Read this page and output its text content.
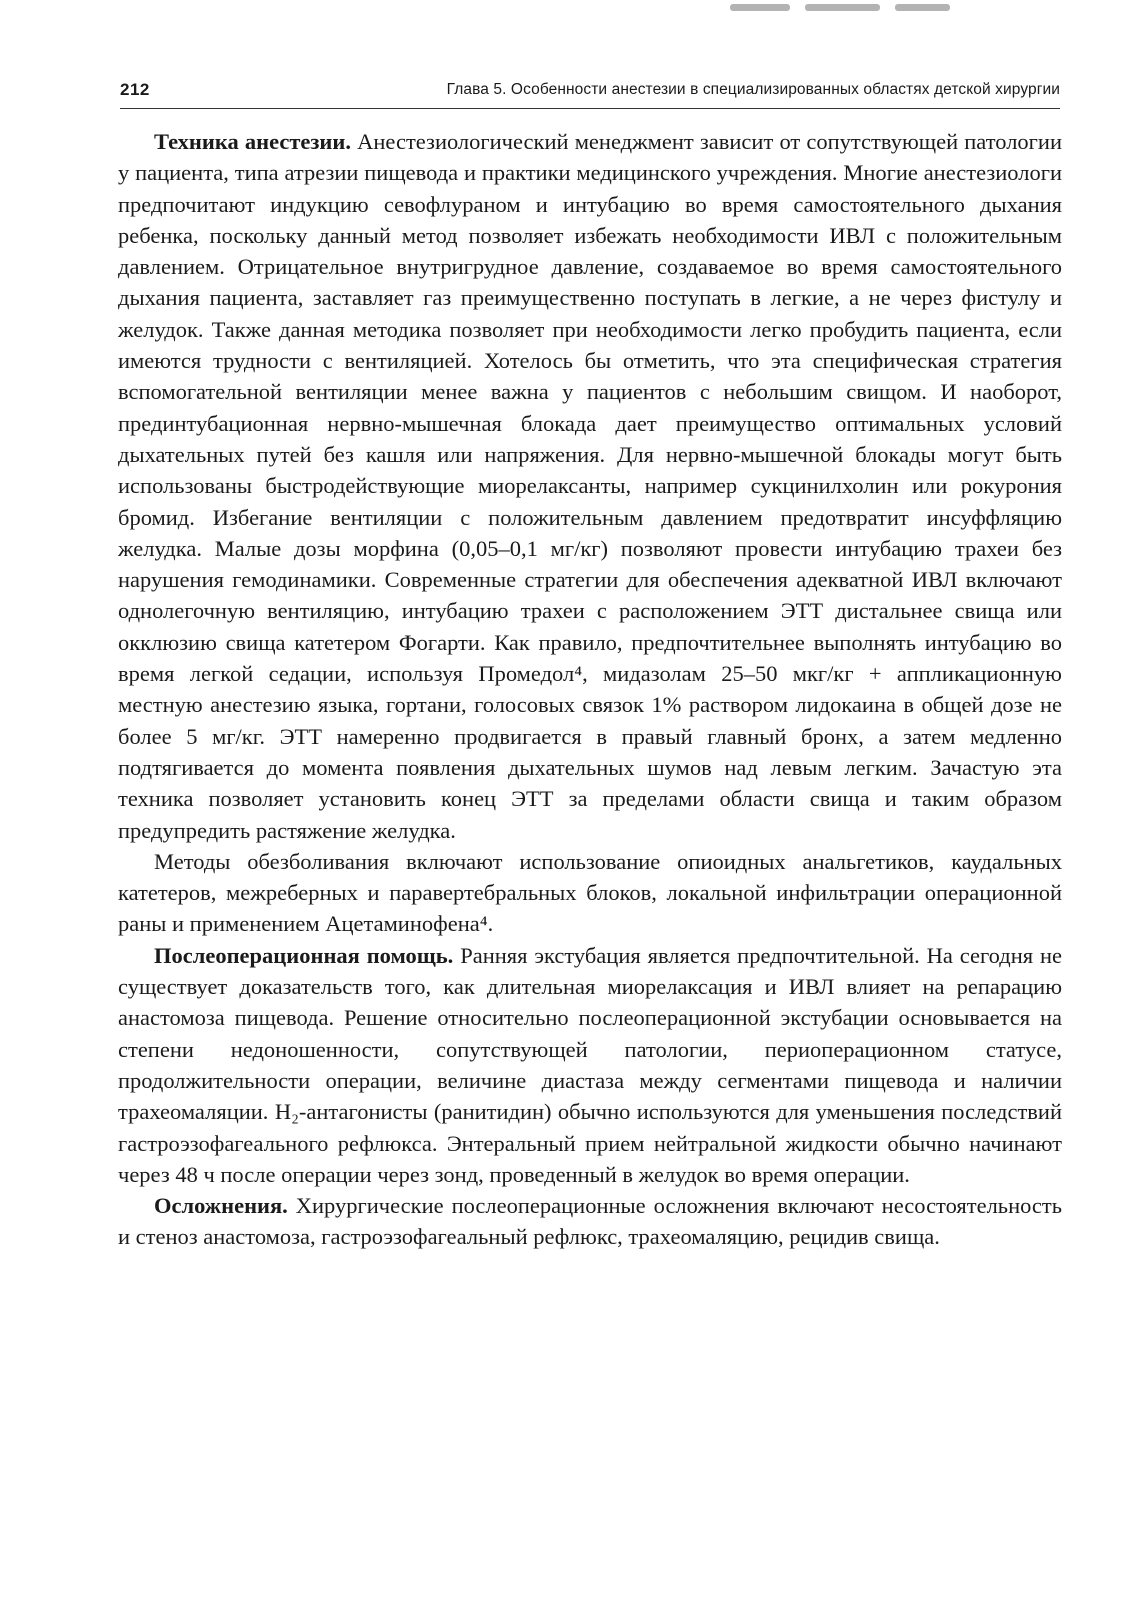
212	Глава 5. Особенности анестезии в специализированных областях детской хирургии

Техника анестезии. Анестезиологический менеджмент зависит от сопутствующей патологии у пациента, типа атрезии пищевода и практики медицинского учреждения. Многие анестезиологи предпочитают индукцию севофлураном и интубацию во время самостоятельного дыхания ребенка, поскольку данный метод позволяет избежать необходимости ИВЛ с положительным давлением. Отрицательное внутригрудное давление, создаваемое во время самостоятельного дыхания пациента, заставляет газ преимущественно поступать в легкие, а не через фистулу и желудок. Также данная методика позволяет при необходимости легко пробудить пациента, если имеются трудности с вентиляцией. Хотелось бы отметить, что эта специфическая стратегия вспомогательной вентиляции менее важна у пациентов с небольшим свищом. И наоборот, прединтубационная нервно-мышечная блокада дает преимущество оптимальных условий дыхательных путей без кашля или напряжения. Для нервно-мышечной блокады могут быть использованы быстродействующие миорелаксанты, например сукцинилхолин или рокурония бромид. Избегание вентиляции с положительным давлением предотвратит инсуффляцию желудка. Малые дозы морфина (0,05–0,1 мг/кг) позволяют провести интубацию трахеи без нарушения гемодинамики. Современные стратегии для обеспечения адекватной ИВЛ включают однолегочную вентиляцию, интубацию трахеи с расположением ЭТТ дистальнее свища или окклюзию свища катетером Фогарти. Как правило, предпочтительнее выполнять интубацию во время легкой седации, используя Промедол⁴, мидазолам 25–50 мкг/кг + аппликационную местную анестезию языка, гортани, голосовых связок 1% раствором лидокаина в общей дозе не более 5 мг/кг. ЭТТ намеренно продвигается в правый главный бронх, а затем медленно подтягивается до момента появления дыхательных шумов над левым легким. Зачастую эта техника позволяет установить конец ЭТТ за пределами области свища и таким образом предупредить растяжение желудка.

Методы обезболивания включают использование опиоидных анальгетиков, каудальных катетеров, межреберных и паравертебральных блоков, локальной инфильтрации операционной раны и применением Ацетаминофена⁴.

Послеоперационная помощь. Ранняя экстубация является предпочтительной. На сегодня не существует доказательств того, как длительная миорелаксация и ИВЛ влияет на репарацию анастомоза пищевода. Решение относительно послеоперационной экстубации основывается на степени недоношенности, сопутствующей патологии, периоперационном статусе, продолжительности операции, величине диастаза между сегментами пищевода и наличии трахеомаляции. H₂-антагонисты (ранитидин) обычно используются для уменьшения последствий гастроэзофагеального рефлюкса. Энтеральный прием нейтральной жидкости обычно начинают через 48 ч после операции через зонд, проведенный в желудок во время операции.

Осложнения. Хирургические послеоперационные осложнения включают несостоятельность и стеноз анастомоза, гастроэзофагеальный рефлюкс, трахеомаляцию, рецидив свища.
